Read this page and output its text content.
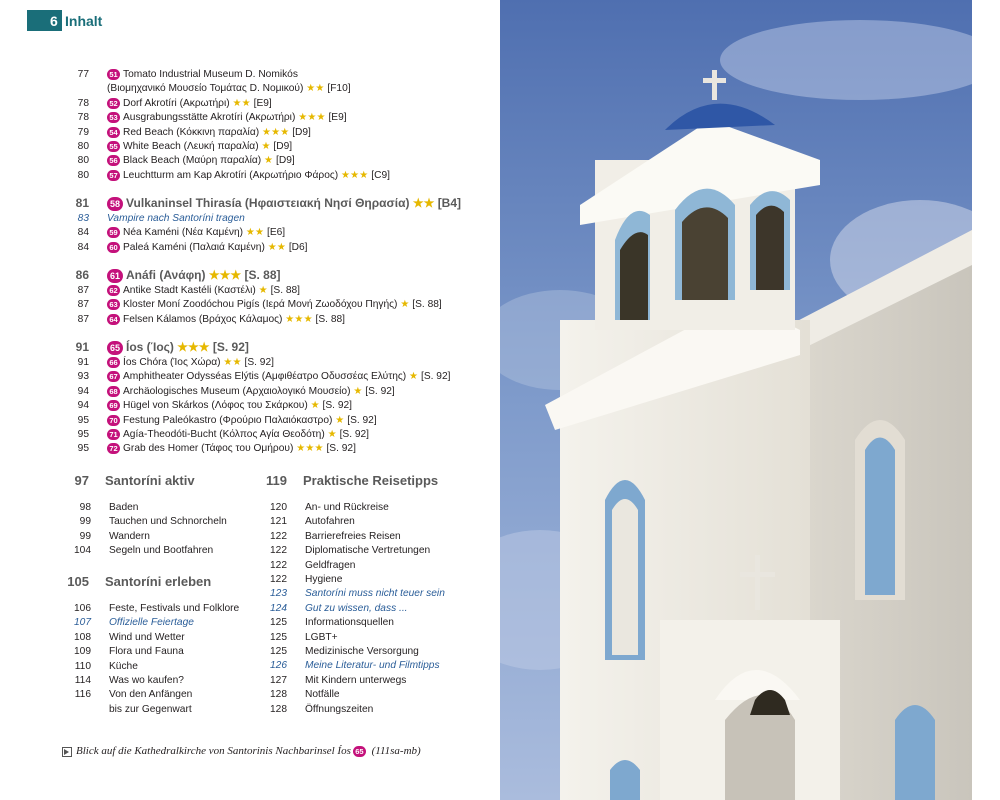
6 Inhalt
77	51 Tomato Industrial Museum D. Nomikós
(Βιομηχανικό Μουσείο Τομάτας D. Νομικού) ★★ [F10]
78	52 Dorf Akrotíri (Ακρωτήρι) ★★ [E9]
78	53 Ausgrabungsstätte Akrotíri (Ακρωτήρι) ★★★ [E9]
79	54 Red Beach (Κόκκινη παραλία) ★★★ [D9]
80	55 White Beach (Λευκή παραλία) ★ [D9]
80	56 Black Beach (Μαύρη παραλία) ★ [D9]
80	57 Leuchtturm am Kap Akrotíri (Ακρωτήριο Φάρος) ★★★ [C9]
81	58 Vulkaninsel Thirasía (Ηφαιστειακή Νησί Θηρασία) ★★ [B4]
83 Vampire nach Santoríni tragen
84	59 Néa Kaméni (Νέα Καμένη) ★★ [E6]
84	60 Paleá Kaméni (Παλαιά Καμένη) ★★ [D6]
86	61 Anáfi (Ανάφη) ★★★ [S. 88]
87	62 Antike Stadt Kastéli (Καστέλι) ★ [S. 88]
87	63 Kloster Moní Zoodóchou Pigís (Ιερά Μονή Ζωοδόχου Πηγής) ★ [S. 88]
87	64 Felsen Kálamos (Βράχος Κάλαμος) ★★★ [S. 88]
91	65 Íos (Ίος) ★★★ [S. 92]
91	66 Íos Chóra (Ίος Χώρα) ★★ [S. 92]
93	67 Amphitheater Odysséas Elýtis (Αμφιθέατρο Οδυσσέας Ελύτης) ★ [S. 92]
94	68 Archäologisches Museum (Αρχαιολογικό Μουσείο) ★ [S. 92]
94	69 Hügel von Skárkos (Λόφος του Σκάρκου) ★ [S. 92]
95	70 Festung Paleókastro (Φρούριο Παλαιόκαστρο) ★ [S. 92]
95	71 Agía-Theodóti-Bucht (Κόλπος Αγία Θεοδότη) ★ [S. 92]
95	72 Grab des Homer (Τάφος του Ομήρου) ★★★ [S. 92]
97 Santoríni aktiv
98 Baden
99 Tauchen und Schnorcheln
99 Wandern
104 Segeln und Bootfahren
105 Santoríni erleben
106 Feste, Festivals und Folklore
107 Offizielle Feiertage
108 Wind und Wetter
109 Flora und Fauna
110 Küche
114 Was wo kaufen?
116 Von den Anfängen
bis zur Gegenwart
119 Praktische Reisetipps
120 An- und Rückreise
121 Autofahren
122 Barrierefreies Reisen
122 Diplomatische Vertretungen
122 Geldfragen
122 Hygiene
123 Santoríni muss nicht teuer sein
124 Gut zu wissen, dass ...
125 Informationsquellen
125 LGBT+
125 Medizinische Versorgung
126 Meine Literatur- und Filmtipps
127 Mit Kindern unterwegs
128 Notfälle
128 Öffnungszeiten
Blick auf die Kathedralkirche von Santorinis Nachbarinsel Íos 65 (111sa-mb)
